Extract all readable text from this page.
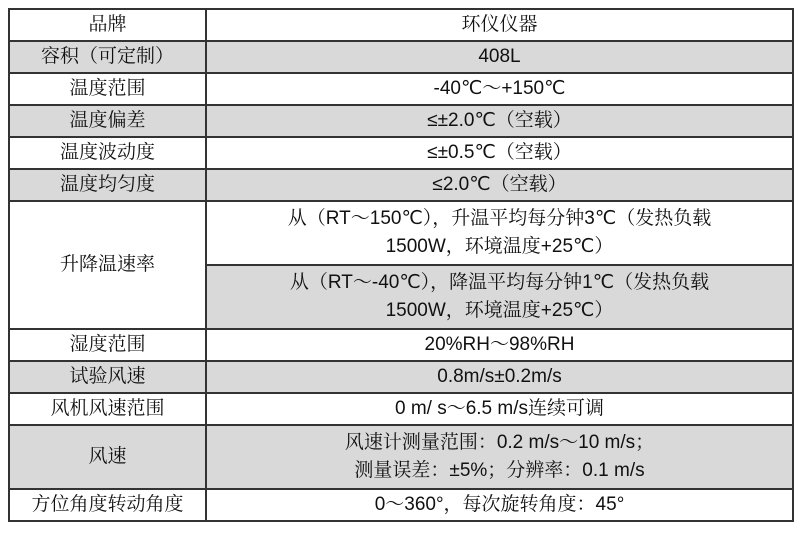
品牌	环仪仪器
容积（可定制）	408L
温度范围	-40℃～+150℃
温度偏差	≤±2.0℃（空载）
温度波动度	≤±0.5℃（空载）
温度均匀度	≤2.0℃（空载）
升降温速率	从（RT～150℃），升温平均每分钟3℃（发热负载
1500W，环境温度+25℃）

	从（RT～-40℃），降温平均每分钟1℃（发热负载
1500W，环境温度+25℃）

湿度范围	20%RH～98%RH
试验风速	0.8m/s±0.2m/s
风机风速范围	0 m/ s～6.5 m/s连续可调
风速	风速计测量范围：0.2 m/s～10 m/s；
测量误差：±5%；分辨率：0.1 m/s

方位角度转动角度	0～360°，每次旋转角度：45°
